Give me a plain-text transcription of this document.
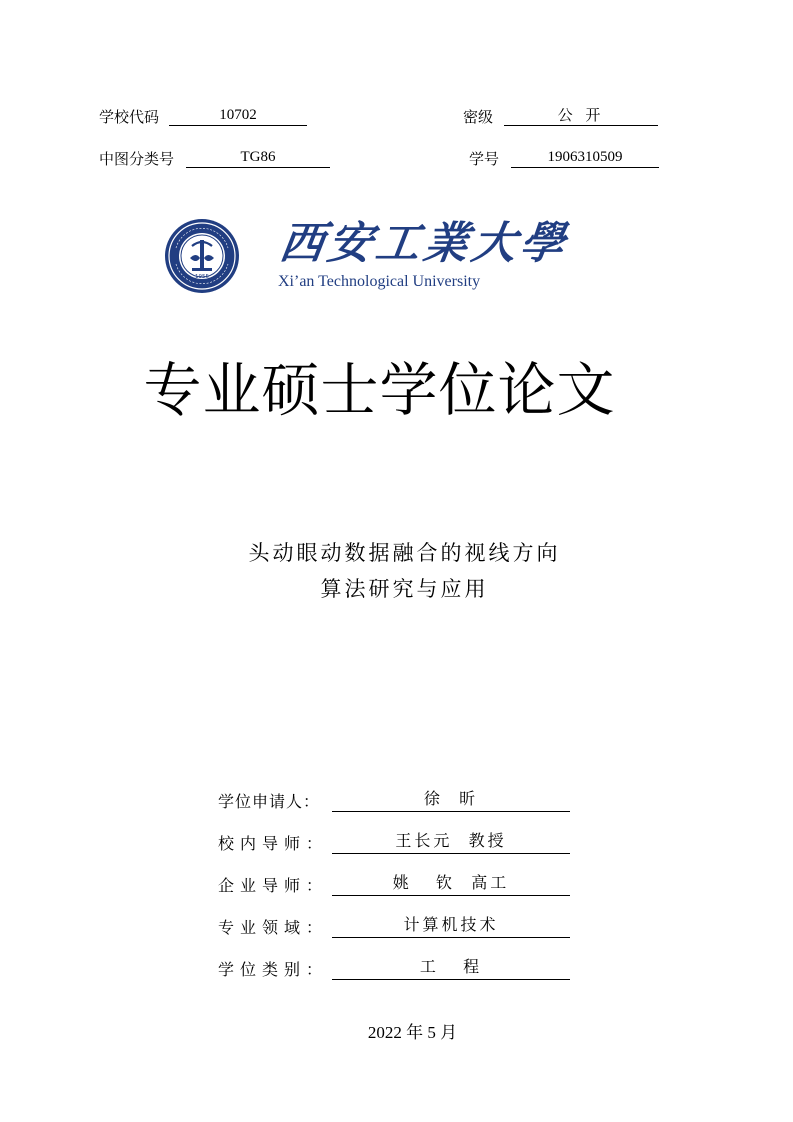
学校代码	10702	密级	公 开
中图分类号	TG86	学号	1906310509
1955
西安工業大學
Xi’an Technological University
专业硕士学位论文
头动眼动数据融合的视线方向
算法研究与应用
学位申请人：	徐  昕
校内导师：	王长元  教授
企业导师：	姚   钦  高工
专业领域：	计算机技术
学位类别：	工   程
2022 年 5 月
